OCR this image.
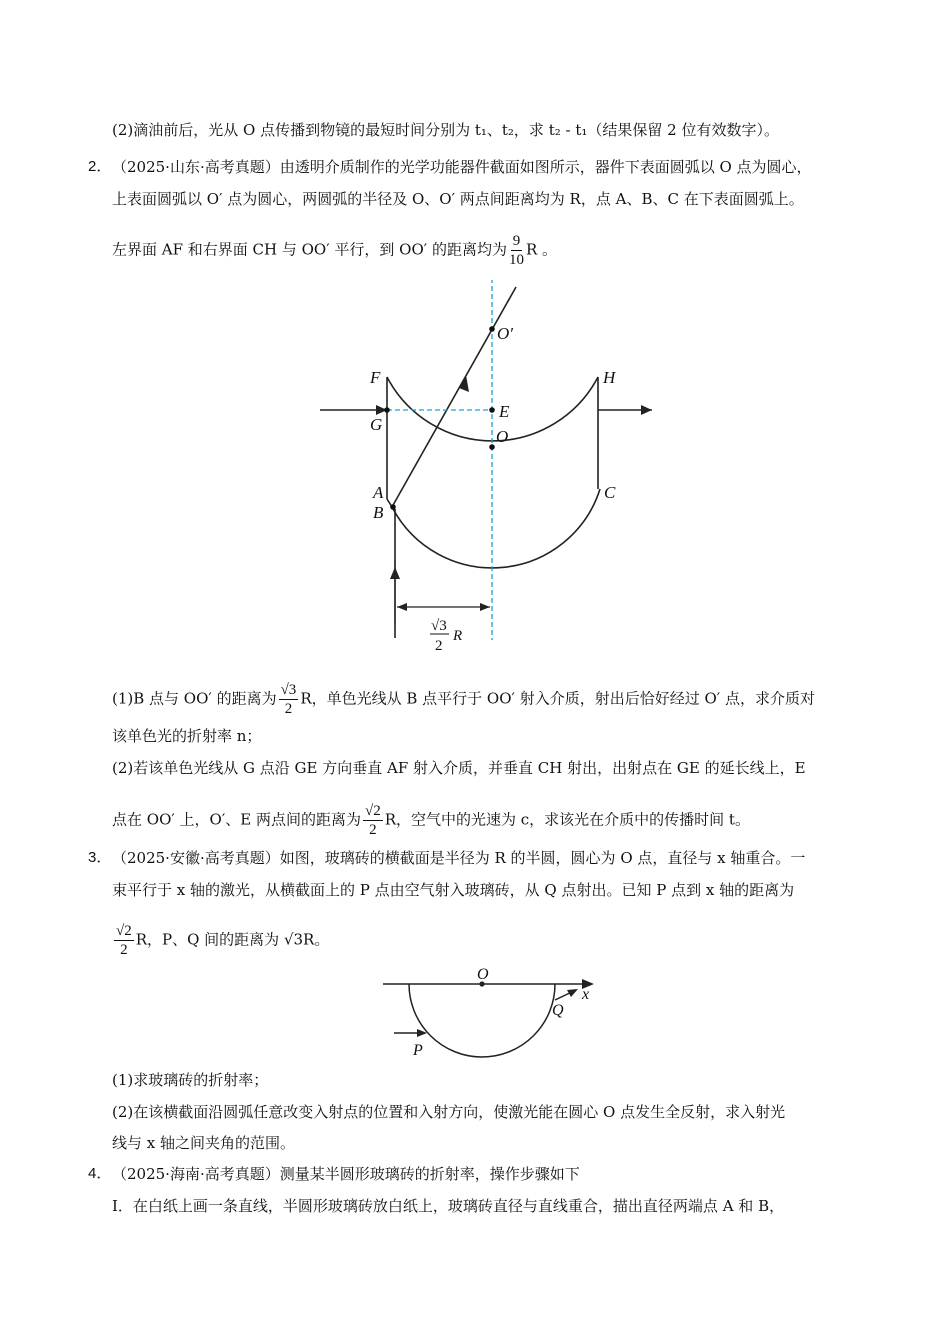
(2)滴油前后，光从 O 点传播到物镜的最短时间分别为 t₁、t₂，求 t₂ - t₁（结果保留 2 位有效数字）。
2． （2025·山东·高考真题）由透明介质制作的光学功能器件截面如图所示，器件下表面圆弧以 O 点为圆心，
上表面圆弧以 O′ 点为圆心，两圆弧的半径及 O、O′ 两点间距离均为 R，点 A、B、C 在下表面圆弧上。
左界面 AF 和右界面 CH 与 OO′ 平行，到 OO′ 的距离均为 $\frac{9}{10}$ R 。
O′
F	H
G
E
O
A
B
C
√3
2
R
(1)B 点与 OO′ 的距离为 $\frac{√3}{2}$ R，单色光线从 B 点平行于 OO′ 射入介质，射出后恰好经过 O′ 点，求介质对
该单色光的折射率 n；
(2)若该单色光线从 G 点沿 GE 方向垂直 AF 射入介质，并垂直 CH 射出，出射点在 GE 的延长线上，E
点在 OO′ 上，O′、E 两点间的距离为 $\frac{√2}{2}$ R，空气中的光速为 c，求该光在介质中的传播时间 t。
3． （2025·安徽·高考真题）如图，玻璃砖的横截面是半径为 R 的半圆，圆心为 O 点，直径与 x 轴重合。一
束平行于 x 轴的激光，从横截面上的 P 点由空气射入玻璃砖，从 Q 点射出。已知 P 点到 x 轴的距离为
$\frac{√2}{2}$ R，P、Q 间的距离为 √3R。
O
x
Q
P
(1)求玻璃砖的折射率；
(2)在该横截面沿圆弧任意改变入射点的位置和入射方向，使激光能在圆心 O 点发生全反射，求入射光
线与 x 轴之间夹角的范围。
4． （2025·海南·高考真题）测量某半圆形玻璃砖的折射率，操作步骤如下
I．在白纸上画一条直线，半圆形玻璃砖放白纸上，玻璃砖直径与直线重合，描出直径两端点 A 和 B，
